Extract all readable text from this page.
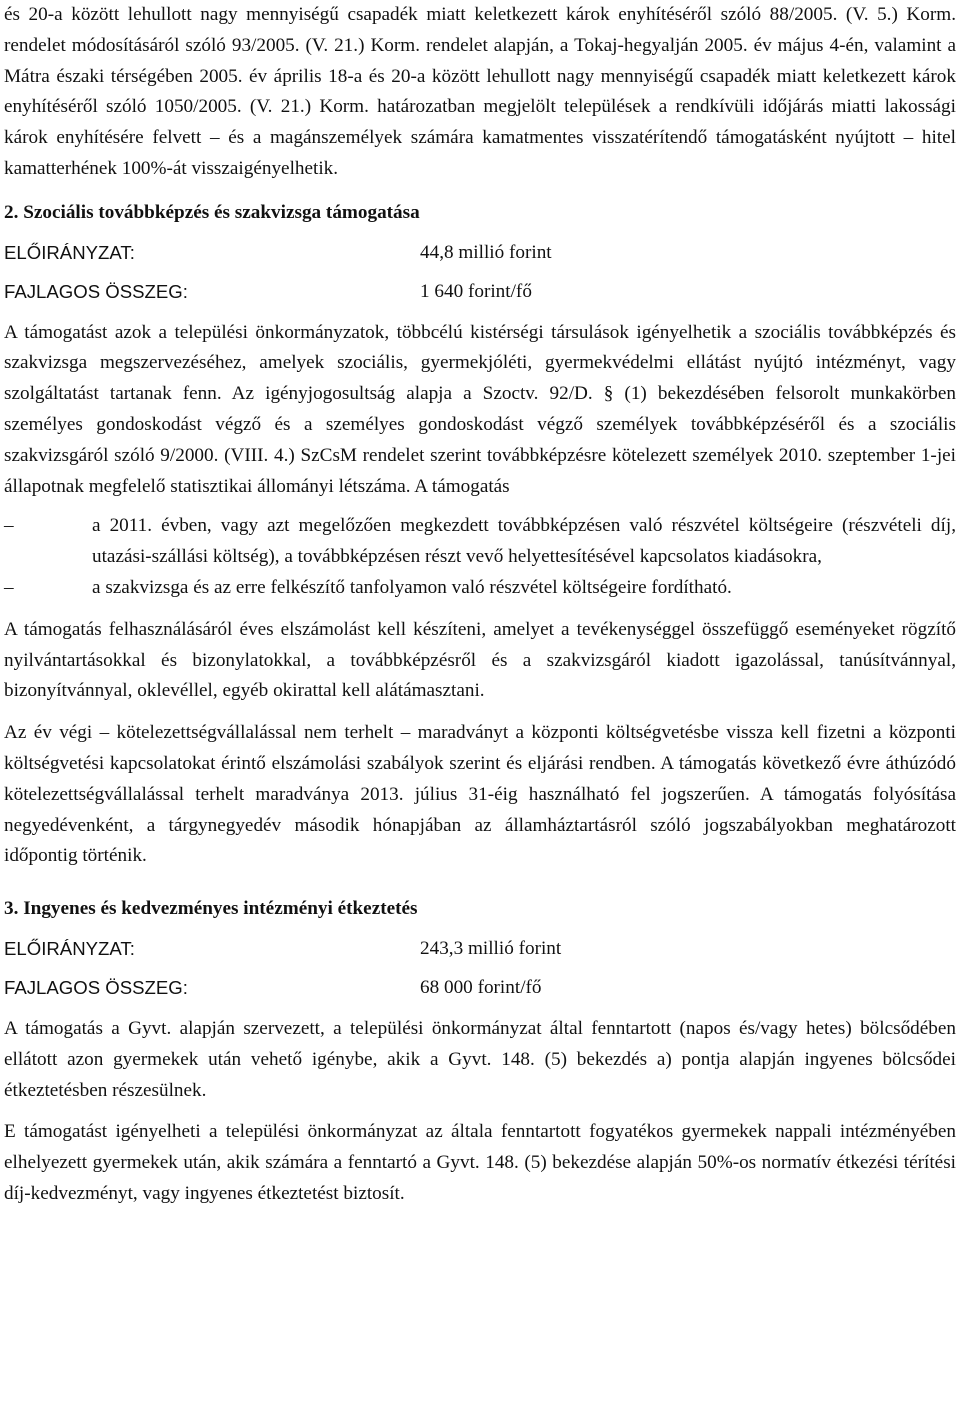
és 20-a között lehullott nagy mennyiségű csapadék miatt keletkezett károk enyhítéséről szóló 88/2005. (V. 5.) Korm. rendelet módosításáról szóló 93/2005. (V. 21.) Korm. rendelet alapján, a Tokaj-hegyalján 2005. év május 4-én, valamint a Mátra északi térségében 2005. év április 18-a és 20-a között lehullott nagy mennyiségű csapadék miatt keletkezett károk enyhítéséről szóló 1050/2005. (V. 21.) Korm. határozatban megjelölt települések a rendkívüli időjárás miatti lakossági károk enyhítésére felvett – és a magánszemélyek számára kamatmentes visszatérítendő támogatásként nyújtott – hitel kamatterhének 100%-át visszaigényelhetik.

2. Szociális továbbképzés és szakvizsga támogatása
ELŐIRÁNYZAT:	44,8 millió forint
FAJLAGOS ÖSSZEG:	1 640 forint/fő

A támogatást azok a települési önkormányzatok, többcélú kistérségi társulások igényelhetik a szociális továbbképzés és szakvizsga megszervezéséhez, amelyek szociális, gyermekjóléti, gyermekvédelmi ellátást nyújtó intézményt, vagy szolgáltatást tartanak fenn. Az igényjogosultság alapja a Szoctv. 92/D. § (1) bekezdésében felsorolt munkakörben személyes gondoskodást végző és a személyes gondoskodást végző személyek továbbképzéséről és a szociális szakvizsgáról szóló 9/2000. (VIII. 4.) SzCsM rendelet szerint továbbképzésre kötelezett személyek 2010. szeptember 1-jei állapotnak megfelelő statisztikai állományi létszáma. A támogatás

–	a 2011. évben, vagy azt megelőzően megkezdett továbbképzésen való részvétel költségeire (részvételi díj, utazási-szállási költség), a továbbképzésen részt vevő helyettesítésével kapcsolatos kiadásokra,
–	a szakvizsga és az erre felkészítő tanfolyamon való részvétel költségeire fordítható.

A támogatás felhasználásáról éves elszámolást kell készíteni, amelyet a tevékenységgel összefüggő eseményeket rögzítő nyilvántartásokkal és bizonylatokkal, a továbbképzésről és a szakvizsgáról kiadott igazolással, tanúsítvánnyal, bizonyítvánnyal, oklevéllel, egyéb okirattal kell alátámasztani.

Az év végi – kötelezettségvállalással nem terhelt – maradványt a központi költségvetésbe vissza kell fizetni a központi költségvetési kapcsolatokat érintő elszámolási szabályok szerint és eljárási rendben. A támogatás következő évre áthúzódó kötelezettségvállalással terhelt maradványa 2013. július 31-éig használható fel jogszerűen. A támogatás folyósítása negyedévenként, a tárgynegyedév második hónapjában az államháztartásról szóló jogszabályokban meghatározott időpontig történik.

3. Ingyenes és kedvezményes intézményi étkeztetés
ELŐIRÁNYZAT:	243,3 millió forint
FAJLAGOS ÖSSZEG:	68 000 forint/fő

A támogatás a Gyvt. alapján szervezett, a települési önkormányzat által fenntartott (napos és/vagy hetes) bölcsődében ellátott azon gyermekek után vehető igénybe, akik a Gyvt. 148. (5) bekezdés a) pontja alapján ingyenes bölcsődei étkeztetésben részesülnek.

E támogatást igényelheti a települési önkormányzat az általa fenntartott fogyatékos gyermekek nappali intézményében elhelyezett gyermekek után, akik számára a fenntartó a Gyvt. 148. (5) bekezdése alapján 50%-os normatív étkezési térítési díj-kedvezményt, vagy ingyenes étkeztetést biztosít.
